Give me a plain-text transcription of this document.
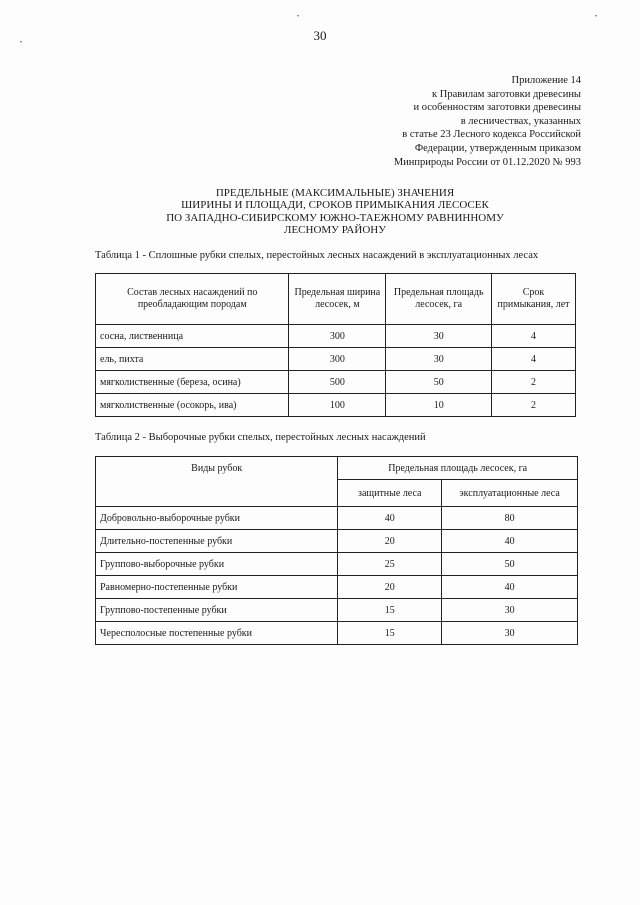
•	•
•	30
Приложение 14
к Правилам заготовки древесины
и особенностям заготовки древесины
в лесничествах, указанных
в статье 23 Лесного кодекса Российской
Федерации, утвержденным приказом
Минприроды России от 01.12.2020 № 993
ПРЕДЕЛЬНЫЕ (МАКСИМАЛЬНЫЕ) ЗНАЧЕНИЯ
ШИРИНЫ И ПЛОЩАДИ, СРОКОВ ПРИМЫКАНИЯ ЛЕСОСЕК
ПО ЗАПАДНО-СИБИРСКОМУ ЮЖНО-ТАЕЖНОМУ РАВНИННОМУ
ЛЕСНОМУ РАЙОНУ
Таблица 1 - Сплошные рубки спелых, перестойных лесных насаждений в эксплуатационных лесах
Состав лесных насаждений по преобладающим породам	Предельная ширина лесосек, м	Предельная площадь лесосек, га	Срок примыкания, лет
сосна, лиственница	300	30	4
ель, пихта	300	30	4
мягколиственные (береза, осина)	500	50	2
мягколиственные (осокорь, ива)	100	10	2
Таблица 2 - Выборочные рубки спелых, перестойных лесных насаждений
Виды рубок	Предельная площадь лесосек, га	
	защитные леса	эксплуатационные леса
Добровольно-выборочные рубки	40	80
Длительно-постепенные рубки	20	40
Группово-выборочные рубки	25	50
Равномерно-постепенные рубки	20	40
Группово-постепенные рубки	15	30
Чересполосные постепенные рубки	15	30
